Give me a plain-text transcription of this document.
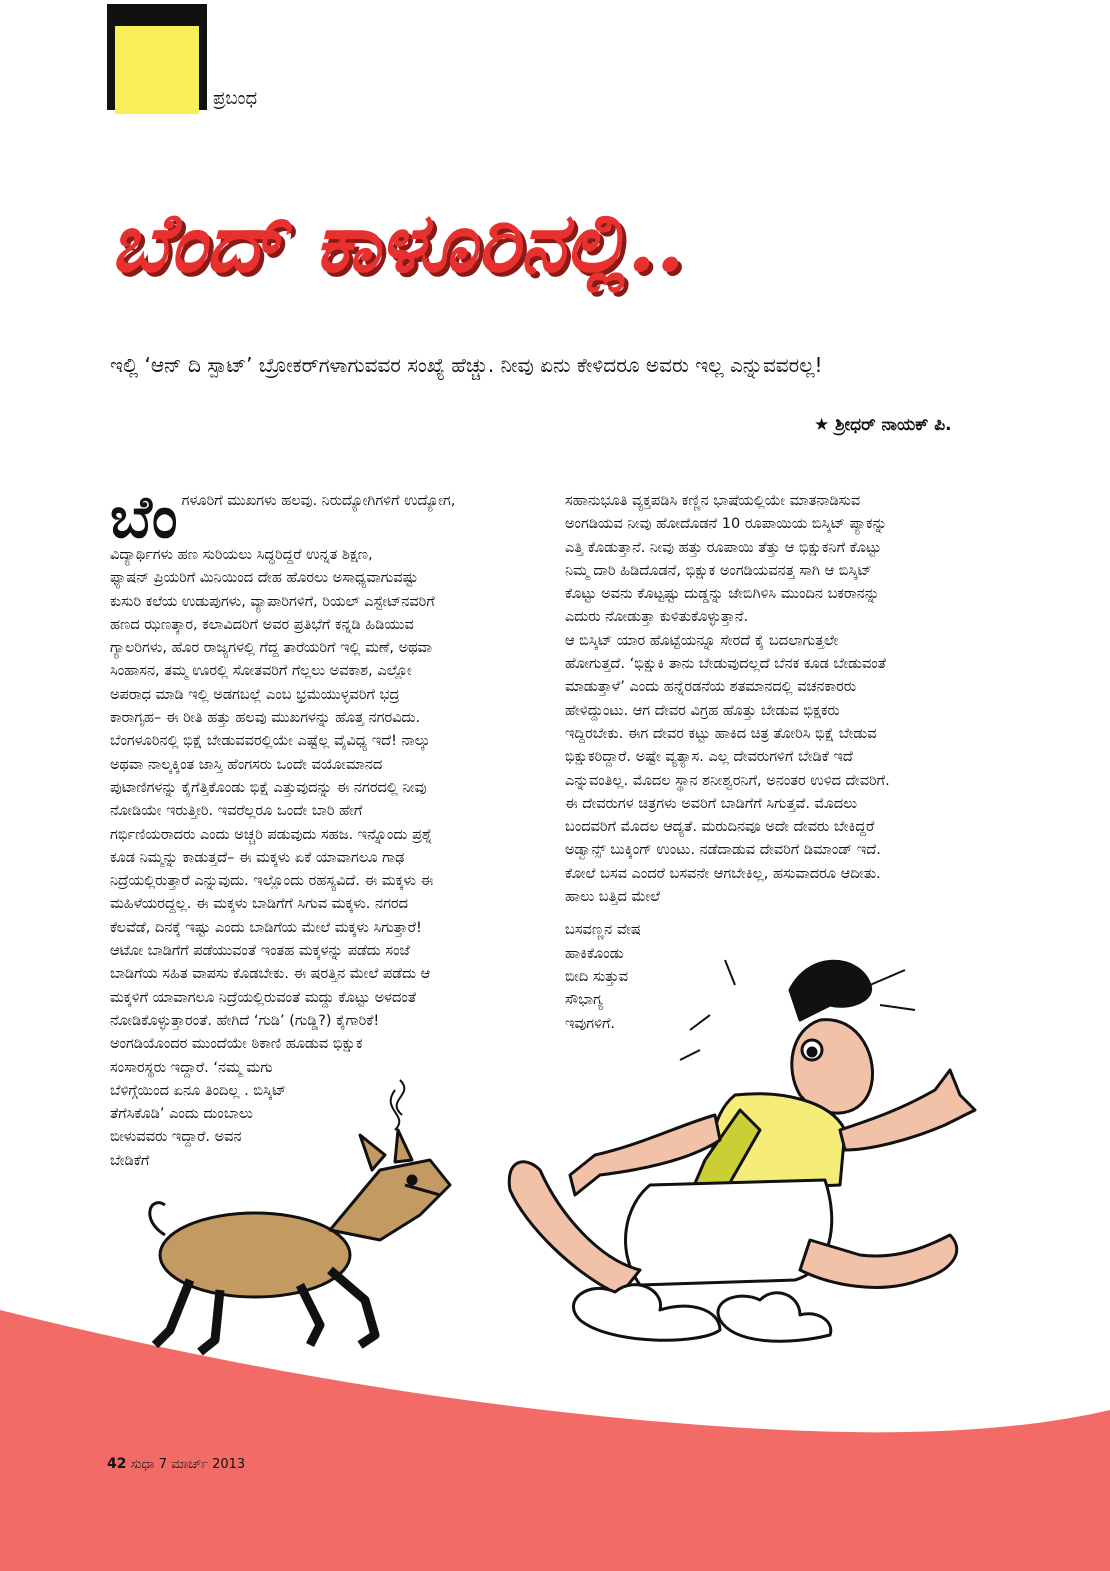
ಪ್ರಬಂಧ
ಬೆಂದ್ ಕಾಳೂರಿನಲ್ಲಿ..
ಇಲ್ಲಿ ‘ಆನ್ ದಿ ಸ್ಪಾಟ್’ ಬ್ರೋಕರ್‌ಗಳಾಗುವವರ ಸಂಖ್ಯೆ ಹೆಚ್ಚು. ನೀವು ಏನು ಕೇಳಿದರೂ ಅವರು ಇಲ್ಲ ಎನ್ನುವವರಲ್ಲ!
★ ಶ್ರೀಧರ್ ನಾಯಕ್ ಪಿ.
ಬೆಂ ಗಳೂರಿಗೆ ಮುಖಗಳು ಹಲವು. ನಿರುದ್ಯೋಗಿಗಳಿಗೆ ಉದ್ಯೋಗ,

ವಿದ್ಯಾರ್ಥಿಗಳು ಹಣ ಸುರಿಯಲು ಸಿದ್ಧರಿದ್ದರೆ ಉನ್ನತ ಶಿಕ್ಷಣ,

ಫ್ಯಾಷನ್ ಪ್ರಿಯರಿಗೆ ಮಿನಿಯಿಂದ ದೇಹ ಹೊರಲು ಅಸಾಧ್ಯವಾಗುವಷ್ಟು

ಕುಸುರಿ ಕಲೆಯ ಉಡುಪುಗಳು, ವ್ಯಾಪಾರಿಗಳಿಗೆ, ರಿಯಲ್ ಎಸ್ಟೇಟ್‌ನವರಿಗೆ

ಹಣದ ಝಣತ್ಕಾರ, ಕಲಾವಿದರಿಗೆ ಅವರ ಪ್ರತಿಭೆಗೆ ಕನ್ನಡಿ ಹಿಡಿಯುವ

ಗ್ಯಾಲರಿಗಳು, ಹೊರ ರಾಜ್ಯಗಳಲ್ಲಿ ಗೆದ್ದ ತಾರೆಯರಿಗೆ ಇಲ್ಲಿ ಮಣೆ, ಅಥವಾ

ಸಿಂಹಾಸನ, ತಮ್ಮ ಊರಲ್ಲಿ ಸೋತವರಿಗೆ ಗೆಲ್ಲಲು ಅವಕಾಶ, ಎಲ್ಲೋ

ಅಪರಾಧ ಮಾಡಿ ಇಲ್ಲಿ ಅಡಗಬಲ್ಲೆ ಎಂಬ ಭ್ರಮೆಯುಳ್ಳವರಿಗೆ ಭದ್ರ

ಕಾರಾಗೃಹ– ಈ ರೀತಿ ಹತ್ತು ಹಲವು ಮುಖಗಳನ್ನು ಹೊತ್ತ ನಗರವಿದು.

ಬೆಂಗಳೂರಿನಲ್ಲಿ ಭಿಕ್ಷೆ ಬೇಡುವವರಲ್ಲಿಯೇ ಎಷ್ಟೆಲ್ಲ ವೈವಿಧ್ಯ ಇದೆ! ನಾಲ್ಕು

ಅಥವಾ ನಾಲ್ಕಕ್ಕಿಂತ ಜಾಸ್ತಿ ಹೆಂಗಸರು ಒಂದೇ ವಯೋಮಾನದ

ಪುಟಾಣಿಗಳನ್ನು ಕೈಗೆತ್ತಿಕೊಂಡು ಭಿಕ್ಷೆ ಎತ್ತುವುದನ್ನು ಈ ನಗರದಲ್ಲಿ ನೀವು

ನೋಡಿಯೇ ಇರುತ್ತೀರಿ. ಇವರೆಲ್ಲರೂ ಒಂದೇ ಬಾರಿ ಹೇಗೆ

ಗರ್ಭಿಣಿಯರಾದರು ಎಂದು ಅಚ್ಚರಿ ಪಡುವುದು ಸಹಜ. ಇನ್ನೊಂದು ಪ್ರಶ್ನೆ

ಕೂಡ ನಿಮ್ಮನ್ನು ಕಾಡುತ್ತದೆ– ಈ ಮಕ್ಕಳು ಏಕೆ ಯಾವಾಗಲೂ ಗಾಢ

ನಿದ್ರೆಯಲ್ಲಿರುತ್ತಾರೆ ಎನ್ನುವುದು. ಇಲ್ಲೊಂದು ರಹಸ್ಯವಿದೆ. ಈ ಮಕ್ಕಳು ಈ

ಮಹಿಳೆಯರದ್ದಲ್ಲ. ಈ ಮಕ್ಕಳು ಬಾಡಿಗೆಗೆ ಸಿಗುವ ಮಕ್ಕಳು. ನಗರದ

ಕೆಲವೆಡೆ, ದಿನಕ್ಕೆ ಇಷ್ಟು ಎಂದು ಬಾಡಿಗೆಯ ಮೇಲೆ ಮಕ್ಕಳು ಸಿಗುತ್ತಾರೆ!

ಆಟೋ ಬಾಡಿಗೆಗೆ ಪಡೆಯುವಂತೆ ಇಂತಹ ಮಕ್ಕಳನ್ನು ಪಡೆದು ಸಂಜೆ

ಬಾಡಿಗೆಯ ಸಹಿತ ವಾಪಸು ಕೊಡಬೇಕು. ಈ ಷರತ್ತಿನ ಮೇಲೆ ಪಡೆದು ಆ

ಮಕ್ಕಳಿಗೆ ಯಾವಾಗಲೂ ನಿದ್ರೆಯಲ್ಲಿರುವಂತೆ ಮದ್ದು ಕೊಟ್ಟು ಅಳದಂತೆ

ನೋಡಿಕೊಳ್ಳುತ್ತಾರಂತೆ. ಹೇಗಿದೆ ‘ಗುಡಿ’ (ಗುಡ್ಡಿ?) ಕೈಗಾರಿಕೆ!

ಅಂಗಡಿಯೊಂದರ ಮುಂದೆಯೇ ಠಿಕಾಣಿ ಹೂಡುವ ಭಿಕ್ಷುಕ

ಸಂಸಾರಸ್ಥರು ಇದ್ದಾರೆ. ‘ನಮ್ಮ ಮಗು

ಬೆಳಿಗ್ಗೆಯಿಂದ ಏನೂ ತಿಂದಿಲ್ಲ . ಬಿಸ್ಕಿಟ್

ತೆಗೆಸಿಕೊಡಿ’ ಎಂದು ದುಂಬಾಲು

ಬೀಳುವವರು ಇದ್ದಾರೆ. ಅವನ

ಬೇಡಿಕೆಗೆ

ಸಹಾನುಭೂತಿ ವ್ಯಕ್ತಪಡಿಸಿ ಕಣ್ಣಿನ ಭಾಷೆಯಲ್ಲಿಯೇ ಮಾತನಾಡಿಸುವ

ಅಂಗಡಿಯವ ನೀವು ಹೋದೊಡನೆ 10 ರೂಪಾಯಿಯ ಬಿಸ್ಕಿಟ್ ಪ್ಯಾಕನ್ನು

ಎತ್ತಿ ಕೊಡುತ್ತಾನೆ. ನೀವು ಹತ್ತು ರೂಪಾಯಿ ತೆತ್ತು ಆ ಭಿಕ್ಷುಕನಿಗೆ ಕೊಟ್ಟು

ನಿಮ್ಮ ದಾರಿ ಹಿಡಿದೊಡನೆ, ಭಿಕ್ಷುಕ ಅಂಗಡಿಯವನತ್ತ ಸಾಗಿ ಆ ಬಿಸ್ಕಿಟ್

ಕೊಟ್ಟು ಅವನು ಕೊಟ್ಟಷ್ಟು ದುಡ್ಡನ್ನು ಜೇಬಿಗಿಳಿಸಿ ಮುಂದಿನ ಬಕರಾನನ್ನು

ಎದುರು ನೋಡುತ್ತಾ ಕುಳಿತುಕೊಳ್ಳುತ್ತಾನೆ.

ಆ ಬಿಸ್ಕಿಟ್ ಯಾರ ಹೊಟ್ಟೆಯನ್ನೂ ಸೇರದೆ ಕೈ ಬದಲಾಗುತ್ತಲೇ

ಹೋಗುತ್ತದೆ. ‘ಭಿಕ್ಷುಕಿ ತಾನು ಬೇಡುವುದಲ್ಲದೆ ಬೆನಕ ಕೂಡ ಬೇಡುವಂತೆ

ಮಾಡುತ್ತಾಳೆ’ ಎಂದು ಹನ್ನೆರಡನೆಯ ಶತಮಾನದಲ್ಲಿ ವಚನಕಾರರು

ಹೇಳಿದ್ದುಂಟು. ಆಗ ದೇವರ ವಿಗ್ರಹ ಹೊತ್ತು ಬೇಡುವ ಭಿಕ್ಷಕರು

ಇದ್ದಿರಬೇಕು. ಈಗ ದೇವರ ಕಟ್ಟು ಹಾಕಿದ ಚಿತ್ರ ತೋರಿಸಿ ಭಿಕ್ಷೆ ಬೇಡುವ

ಭಿಕ್ಷುಕರಿದ್ದಾರೆ. ಅಷ್ಟೇ ವ್ಯತ್ಯಾಸ. ಎಲ್ಲ ದೇವರುಗಳಿಗೆ ಬೇಡಿಕೆ ಇದೆ

ಎನ್ನುವಂತಿಲ್ಲ. ಮೊದಲ ಸ್ಥಾನ ಶನೀಶ್ವರನಿಗೆ, ಅನಂತರ ಉಳಿದ ದೇವರಿಗೆ.

ಈ ದೇವರುಗಳ ಚಿತ್ರಗಳು ಅವರಿಗೆ ಬಾಡಿಗೆಗೆ ಸಿಗುತ್ತವೆ. ಮೊದಲು

ಬಂದವರಿಗೆ ಮೊದಲ ಆದ್ಯತೆ. ಮರುದಿನವೂ ಅದೇ ದೇವರು ಬೇಕಿದ್ದರೆ

ಅಡ್ವಾನ್ಸ್ ಬುಕ್ಕಿಂಗ್ ಉಂಟು. ನಡೆದಾಡುವ ದೇವರಿಗೆ ಡಿಮಾಂಡ್ ಇದೆ.

ಕೋಲೆ ಬಸವ ಎಂದರೆ ಬಸವನೇ ಆಗಬೇಕಿಲ್ಲ, ಹಸುವಾದರೂ ಆದೀತು.

ಹಾಲು ಬತ್ತಿದ ಮೇಲೆ

ಬಸವಣ್ಣನ ವೇಷ

ಹಾಕಿಕೊಂಡು

ಬೀದಿ ಸುತ್ತುವ

ಸೌಭಾಗ್ಯ

ಇವುಗಳಿಗೆ.

42 ಸುಧಾ 7 ಮಾರ್ಚ್ 2013
